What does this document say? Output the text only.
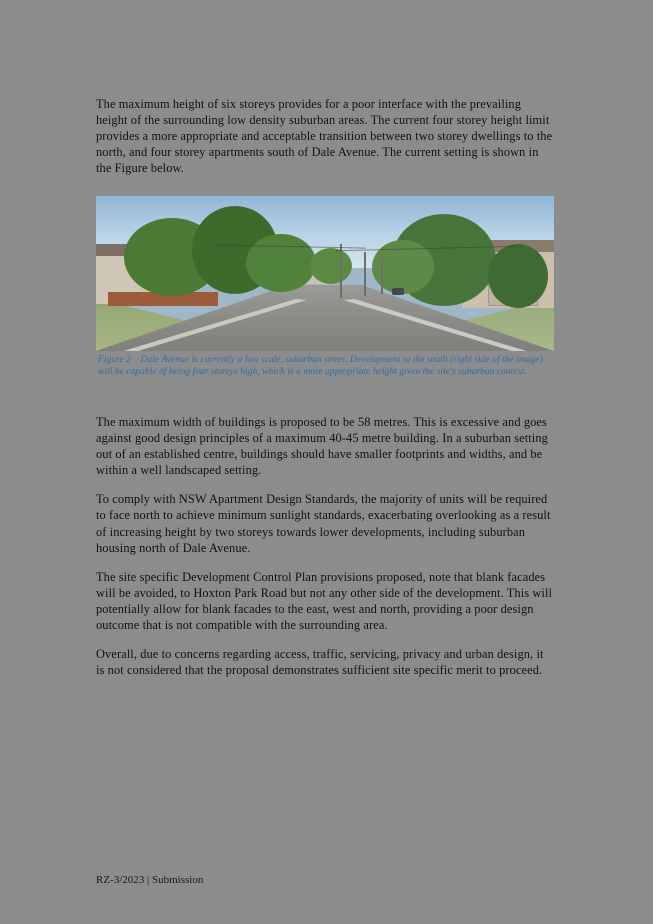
The maximum height of six storeys provides for a poor interface with the prevailing height of the surrounding low density suburban areas. The current four storey height limit provides a more appropriate and acceptable transition between two storey dwellings to the north, and four storey apartments south of Dale Avenue. The current setting is shown in the Figure below.

Figure 2 Dale Avenue is currently a low scale, suburban street. Development to the south (right side of the image) will be capable of being four storeys high, which is a more appropriate height given the site's suburban context.

The maximum width of buildings is proposed to be 58 metres. This is excessive and goes against good design principles of a maximum 40-45 metre building. In a suburban setting out of an established centre, buildings should have smaller footprints and widths, and be within a well landscaped setting.

To comply with NSW Apartment Design Standards, the majority of units will be required to face north to achieve minimum sunlight standards, exacerbating overlooking as a result of increasing height by two storeys towards lower developments, including suburban housing north of Dale Avenue.

The site specific Development Control Plan provisions proposed, note that blank facades will be avoided, to Hoxton Park Road but not any other side of the development. This will potentially allow for blank facades to the east, west and north, providing a poor design outcome that is not compatible with the surrounding area.

Overall, due to concerns regarding access, traffic, servicing, privacy and urban design, it is not considered that the proposal demonstrates sufficient site specific merit to proceed.

RZ-3/2023 | Submission
